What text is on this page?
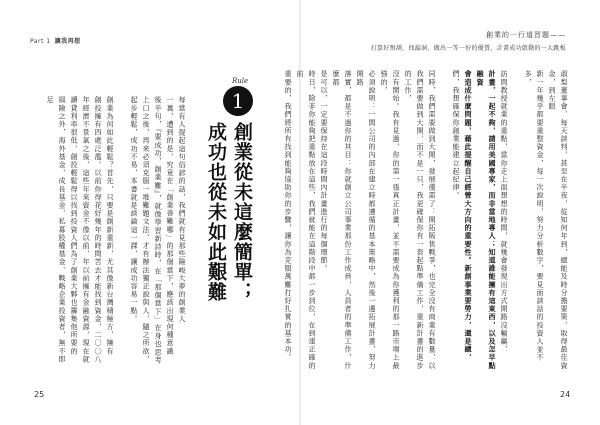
Part 1 讓我再想
Rule
1
創業從未這麼簡單；
成功也從未如此艱難

每當有人提起這句俗諺的話，我們就有見那些險峻大夢的創業人

一裏，遭到的是，究竟在「創業善難哪」的那個當下，應該出現何種意識

後半句，『要成功，創業難』，就像學習新詩時，在「那個當下」在身也思考

上口之後，再來必須克服一堆難題文法、才有辦法獨正說與人，隨之所欲，

起步輕鬆，成功不易，本書就是談論這一課，讓成功容易一點。

創業為何如此輕鬆？首先，只要是創新重新，尤其像新台灣積極方，擁有

創投擁有四處泛濫。以前你得花好幾年的時間苦去才能找到資金，二〇〇八

年經濟不景氣之後，這些年來資金不像以前，年以前擁有金融資源，現在就

讀貸利率很低，創投輕鬆得以找到投資人們為了創業大夥也籌集他所要的

風險之外，海外基金、成長基金、私募股權基金、戰略企業投資者，無不即足

25
創業的一行道習題——
打算好預測、找漏洞、做出一等一好的優質，計畫成功啟動的一大跳板

淑梨董事會、每天談判，甚至在半夜，從知何年到，總能及時分擔要策、取得最佳資金，到左眼

新一年幾乎都要重整資金，每一次說明，努力分析數字，要見面談話的投資人並不多，

訪問教授就業的重點，當你走上面想想的時間，就幾會發現出方式開路沒輸贏，

計畫，一起不夠，請用美國專家，而非當地專人；知道誰能擁有這東西，以及怎早點融資

會造成什麼問題，藉此提醒自己經營大方向的重要性。新創事業要勞力，還是總，

們，我想確保你創業能建立起紀律。

同時，我們需要做到大開，發展僅需了：開拓販售戰爭，也完全沒有商業有數量，以

我們需要做到大開，而不是一只，我更確保你有一套起點準備工作，重新計畫的進步的工作，

沒有開始。我有見過，你的第一張真正計畫，並不需要成為你獲利的那一路市場上最強的，

必須說明：一間公司的內部在建立時都遵循的基本策略中，然後一邊拓展計畫，努力開路

落實，都是不過你的其目：你就創立公司事業那份工作成員，人員者的準備工作，什麼都

是可以，一定要保持在這段時間內計畫進行的每個環節。

時日，除非你能夠把重點放在這些，我們就能在這階段中都一步到位，在到達正確的前

重要的，我們將所有找到能夠協助你的步驟，讓你為克服萬難打好扎實的基本功。

24
